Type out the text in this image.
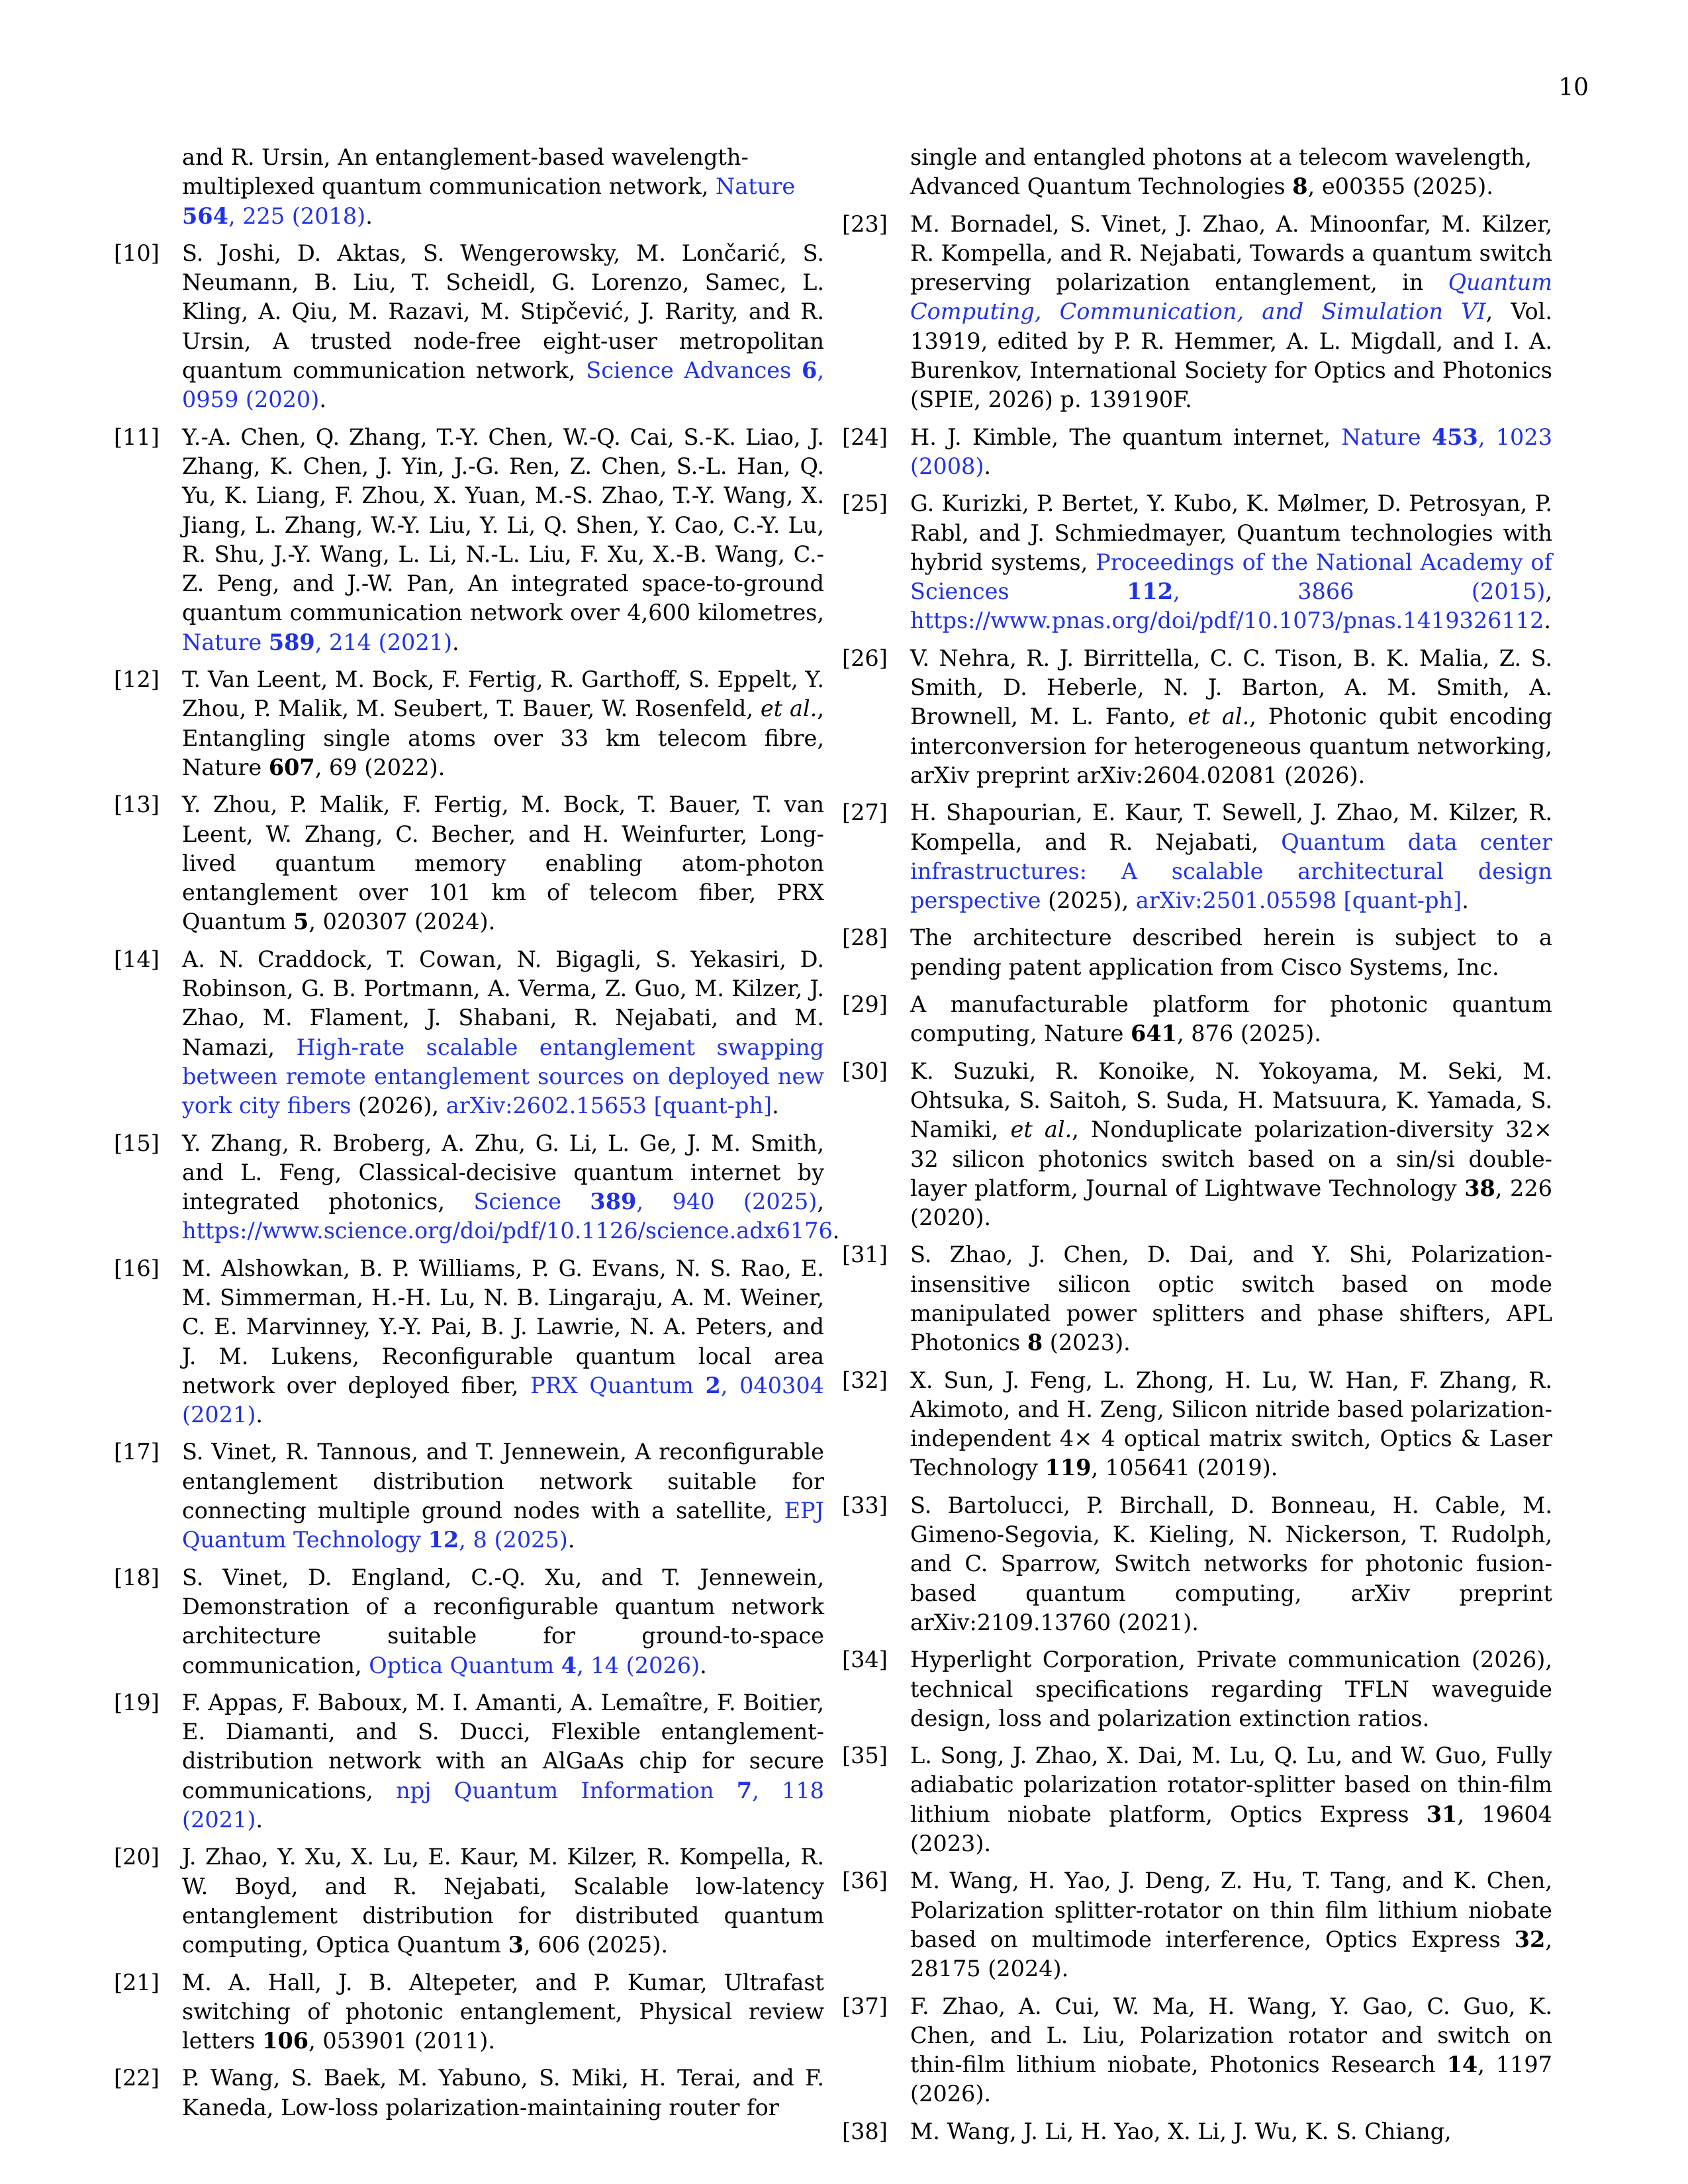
10
and R. Ursin, An entanglement-based wavelength-multiplexed quantum communication network, Nature 564, 225 (2018).
[10] S. Joshi, D. Aktas, S. Wengerowsky, M. Lončarić, S. Neumann, B. Liu, T. Scheidl, G. Lorenzo, Samec, L. Kling, A. Qiu, M. Razavi, M. Stipčević, J. Rarity, and R. Ursin, A trusted node-free eight-user metropolitan quantum communication network, Science Advances 6, 0959 (2020).
[11] Y.-A. Chen, Q. Zhang, T.-Y. Chen, W.-Q. Cai, S.-K. Liao, J. Zhang, K. Chen, J. Yin, J.-G. Ren, Z. Chen, S.-L. Han, Q. Yu, K. Liang, F. Zhou, X. Yuan, M.-S. Zhao, T.-Y. Wang, X. Jiang, L. Zhang, W.-Y. Liu, Y. Li, Q. Shen, Y. Cao, C.-Y. Lu, R. Shu, J.-Y. Wang, L. Li, N.-L. Liu, F. Xu, X.-B. Wang, C.-Z. Peng, and J.-W. Pan, An integrated space-to-ground quantum communication network over 4,600 kilometres, Nature 589, 214 (2021).
[12] T. Van Leent, M. Bock, F. Fertig, R. Garthoff, S. Eppelt, Y. Zhou, P. Malik, M. Seubert, T. Bauer, W. Rosenfeld, et al., Entangling single atoms over 33 km telecom fibre, Nature 607, 69 (2022).
[13] Y. Zhou, P. Malik, F. Fertig, M. Bock, T. Bauer, T. van Leent, W. Zhang, C. Becher, and H. Weinfurter, Long-lived quantum memory enabling atom-photon entanglement over 101 km of telecom fiber, PRX Quantum 5, 020307 (2024).
[14] A. N. Craddock, T. Cowan, N. Bigagli, S. Yekasiri, D. Robinson, G. B. Portmann, A. Verma, Z. Guo, M. Kilzer, J. Zhao, M. Flament, J. Shabani, R. Nejabati, and M. Namazi, High-rate scalable entanglement swapping between remote entanglement sources on deployed new york city fibers (2026), arXiv:2602.15653 [quant-ph].
[15] Y. Zhang, R. Broberg, A. Zhu, G. Li, L. Ge, J. M. Smith, and L. Feng, Classical-decisive quantum internet by integrated photonics, Science 389, 940 (2025), https://www.science.org/doi/pdf/10.1126/science.adx6176.
[16] M. Alshowkan, B. P. Williams, P. G. Evans, N. S. Rao, E. M. Simmerman, H.-H. Lu, N. B. Lingaraju, A. M. Weiner, C. E. Marvinney, Y.-Y. Pai, B. J. Lawrie, N. A. Peters, and J. M. Lukens, Reconfigurable quantum local area network over deployed fiber, PRX Quantum 2, 040304 (2021).
[17] S. Vinet, R. Tannous, and T. Jennewein, A reconfigurable entanglement distribution network suitable for connecting multiple ground nodes with a satellite, EPJ Quantum Technology 12, 8 (2025).
[18] S. Vinet, D. England, C.-Q. Xu, and T. Jennewein, Demonstration of a reconfigurable quantum network architecture suitable for ground-to-space communication, Optica Quantum 4, 14 (2026).
[19] F. Appas, F. Baboux, M. I. Amanti, A. Lemaître, F. Boitier, E. Diamanti, and S. Ducci, Flexible entanglement-distribution network with an AlGaAs chip for secure communications, npj Quantum Information 7, 118 (2021).
[20] J. Zhao, Y. Xu, X. Lu, E. Kaur, M. Kilzer, R. Kompella, R. W. Boyd, and R. Nejabati, Scalable low-latency entanglement distribution for distributed quantum computing, Optica Quantum 3, 606 (2025).
[21] M. A. Hall, J. B. Altepeter, and P. Kumar, Ultrafast switching of photonic entanglement, Physical review letters 106, 053901 (2011).
[22] P. Wang, S. Baek, M. Yabuno, S. Miki, H. Terai, and F. Kaneda, Low-loss polarization-maintaining router for
single and entangled photons at a telecom wavelength, Advanced Quantum Technologies 8, e00355 (2025).
[23] M. Bornadel, S. Vinet, J. Zhao, A. Minoonfar, M. Kilzer, R. Kompella, and R. Nejabati, Towards a quantum switch preserving polarization entanglement, in Quantum Computing, Communication, and Simulation VI, Vol. 13919, edited by P. R. Hemmer, A. L. Migdall, and I. A. Burenkov, International Society for Optics and Photonics (SPIE, 2026) p. 139190F.
[24] H. J. Kimble, The quantum internet, Nature 453, 1023 (2008).
[25] G. Kurizki, P. Bertet, Y. Kubo, K. Mølmer, D. Petrosyan, P. Rabl, and J. Schmiedmayer, Quantum technologies with hybrid systems, Proceedings of the National Academy of Sciences 112, 3866 (2015), https://www.pnas.org/doi/pdf/10.1073/pnas.1419326112.
[26] V. Nehra, R. J. Birrittella, C. C. Tison, B. K. Malia, Z. S. Smith, D. Heberle, N. J. Barton, A. M. Smith, A. Brownell, M. L. Fanto, et al., Photonic qubit encoding interconversion for heterogeneous quantum networking, arXiv preprint arXiv:2604.02081 (2026).
[27] H. Shapourian, E. Kaur, T. Sewell, J. Zhao, M. Kilzer, R. Kompella, and R. Nejabati, Quantum data center infrastructures: A scalable architectural design perspective (2025), arXiv:2501.05598 [quant-ph].
[28] The architecture described herein is subject to a pending patent application from Cisco Systems, Inc.
[29] A manufacturable platform for photonic quantum computing, Nature 641, 876 (2025).
[30] K. Suzuki, R. Konoike, N. Yokoyama, M. Seki, M. Ohtsuka, S. Saitoh, S. Suda, H. Matsuura, K. Yamada, S. Namiki, et al., Nonduplicate polarization-diversity 32× 32 silicon photonics switch based on a sin/si double-layer platform, Journal of Lightwave Technology 38, 226 (2020).
[31] S. Zhao, J. Chen, D. Dai, and Y. Shi, Polarization-insensitive silicon optic switch based on mode manipulated power splitters and phase shifters, APL Photonics 8 (2023).
[32] X. Sun, J. Feng, L. Zhong, H. Lu, W. Han, F. Zhang, R. Akimoto, and H. Zeng, Silicon nitride based polarization-independent 4× 4 optical matrix switch, Optics & Laser Technology 119, 105641 (2019).
[33] S. Bartolucci, P. Birchall, D. Bonneau, H. Cable, M. Gimeno-Segovia, K. Kieling, N. Nickerson, T. Rudolph, and C. Sparrow, Switch networks for photonic fusion-based quantum computing, arXiv preprint arXiv:2109.13760 (2021).
[34] Hyperlight Corporation, Private communication (2026), technical specifications regarding TFLN waveguide design, loss and polarization extinction ratios.
[35] L. Song, J. Zhao, X. Dai, M. Lu, Q. Lu, and W. Guo, Fully adiabatic polarization rotator-splitter based on thin-film lithium niobate platform, Optics Express 31, 19604 (2023).
[36] M. Wang, H. Yao, J. Deng, Z. Hu, T. Tang, and K. Chen, Polarization splitter-rotator on thin film lithium niobate based on multimode interference, Optics Express 32, 28175 (2024).
[37] F. Zhao, A. Cui, W. Ma, H. Wang, Y. Gao, C. Guo, K. Chen, and L. Liu, Polarization rotator and switch on thin-film lithium niobate, Photonics Research 14, 1197 (2026).
[38] M. Wang, J. Li, H. Yao, X. Li, J. Wu, K. S. Chiang,
